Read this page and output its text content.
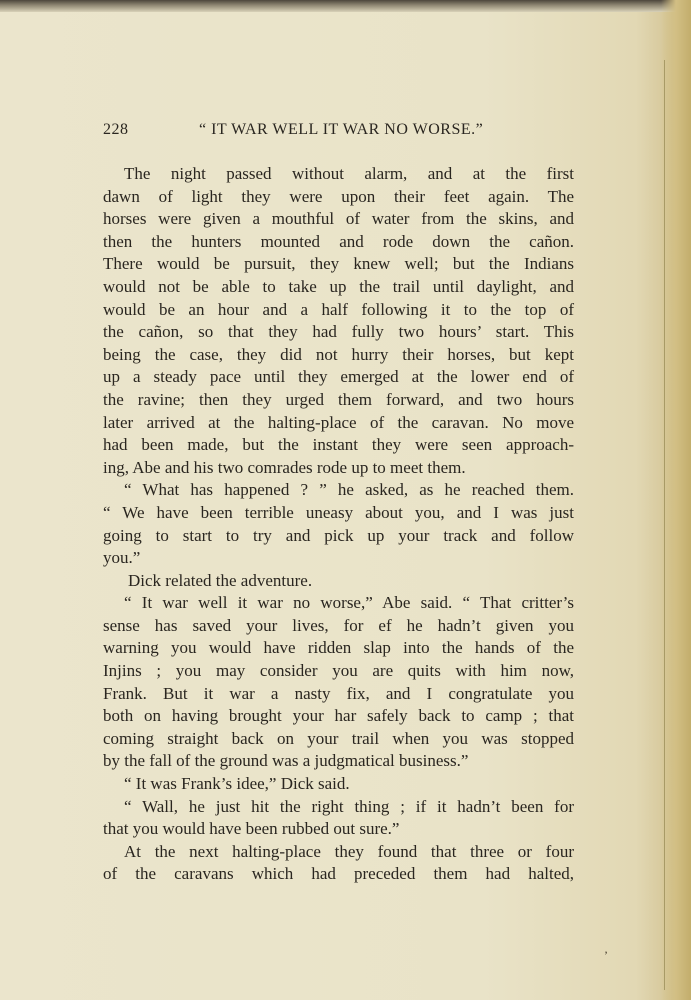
228	“ IT WAR WELL IT WAR NO WORSE.”
The night passed without alarm, and at the first
dawn of light they were upon their feet again. The
horses were given a mouthful of water from the skins, and
then the hunters mounted and rode down the cañon.
There would be pursuit, they knew well; but the Indians
would not be able to take up the trail until daylight, and
would be an hour and a half following it to the top of
the cañon, so that they had fully two hours’ start. This
being the case, they did not hurry their horses, but kept
up a steady pace until they emerged at the lower end of
the ravine; then they urged them forward, and two hours
later arrived at the halting-place of the caravan. No move
had been made, but the instant they were seen approach-
ing, Abe and his two comrades rode up to meet them.
“ What has happened ? ” he asked, as he reached them.
“ We have been terrible uneasy about you, and I was just
going to start to try and pick up your track and follow
you.”
Dick related the adventure.
“ It war well it war no worse,” Abe said. “ That critter’s
sense has saved your lives, for ef he hadn’t given you
warning you would have ridden slap into the hands of the
Injins ; you may consider you are quits with him now,
Frank. But it war a nasty fix, and I congratulate you
both on having brought your har safely back to camp ; that
coming straight back on your trail when you was stopped
by the fall of the ground was a judgmatical business.”
“ It was Frank’s idee,” Dick said.
“ Wall, he just hit the right thing ; if it hadn’t been for
that you would have been rubbed out sure.”
At the next halting-place they found that three or four
of the caravans which had preceded them had halted,
’
